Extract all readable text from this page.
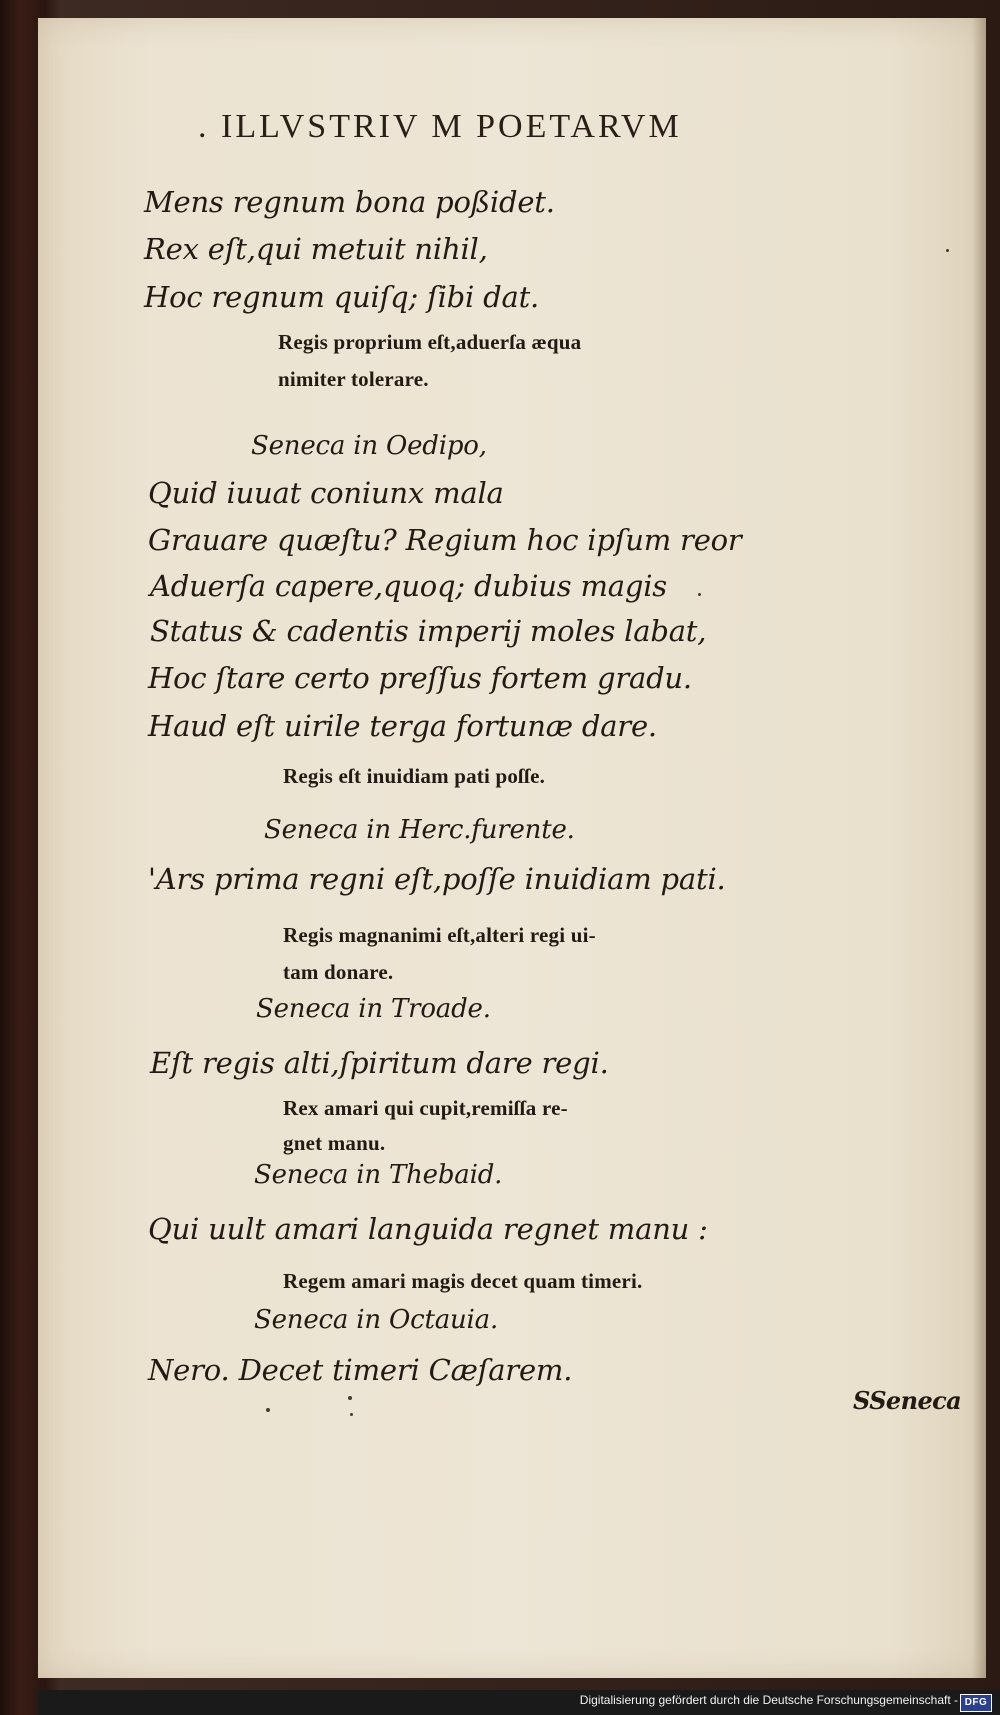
. ILLVSTRIV M POETARVM
Mens regnum bona poßidet.
Rex eſt,qui metuit nihil,
Hoc regnum quiſq; ſibi dat.
Regis proprium eſt,aduerſa æqua
nimiter tolerare.
Seneca in Oedipo,
Quid iuuat coniunx mala
Grauare quæſtu? Regium hoc ipſum reor
Aduerſa capere,quoq; dubius magis
Status & cadentis imperij moles labat,
Hoc ſtare certo preſſus fortem gradu.
Haud eſt uirile terga fortunæ dare.
Regis eſt inuidiam pati poſſe.
Seneca in Herc.furente.
'Ars prima regni eſt,poſſe inuidiam pati.
Regis magnanimi eſt,alteri regi ui-
tam donare.
Seneca in Troade.
Eſt regis alti,ſpiritum dare regi.
Rex amari qui cupit,remiſſa re-
gnet manu.
Seneca in Thebaid.
Qui uult amari languida regnet manu :
Regem amari magis decet quam timeri.
Seneca in Octauia.
Nero. Decet timeri Cæſarem.
SSeneca
Digitalisierung gefördert durch die Deutsche Forschungsgemeinschaft - DFG
